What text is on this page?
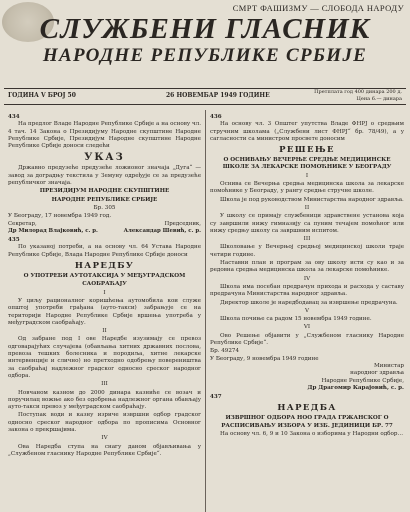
СМРТ ФАШИЗМУ — СЛОБОДА НАРОДУ
СЛУЖБЕНИ ГЛАСНИК
НАРОДНЕ РЕПУБЛИКЕ СРБИЈЕ
ГОДИНА V БРОЈ 50	26 НОВЕМБАР 1949 ГОДИНЕ	Претплата год 400 динара 200 д.
Цена 6.— динара
434
На предлог Владе Народне Републике Србије а на основу чл. 4 тач. 14 Закона о Президијуму Народне скупштине Народне Републике Србије, Президијум Народне скупштине Народне Републике Србије доноси следећи
УКАЗ
Државно предузеће предузеће ложионог значаја „Дуга“ — завод за доградњу текстила у Земуну одређује се за предузеће републичког значаја.
ПРЕЗИДИЈУМ НАРОДНЕ СКУПШТИНЕ
НАРОДНЕ РЕПУБЛИКЕ СРБИЈЕ
Бр. 305
У Београду, 17 новембра 1949 год.
Секретар,	Председник,
Др Милорад Влајковић, с. р.	Александар Шевић, с. р.
435
По указаној потреби, а на основу чл. 64 Устава Народне Републике Србије, Влада Народне Републике Србије доноси
НАРЕДБУ
О УПОТРЕБИ АУТОТАКСИЈА У МЕЂУГРАДСКОМ
САОБРАЋАЈУ
I
У циљу рационалног коришћења аутомобила кои служе општој употреби грађана (ауто-такси) забрањује се на територији Народне Републике Србије вршења употреба у међуградском саобраћају.
II
Од забране под I ове Наредбе изузимају се превоз одговарајућих случајева (обављања хитних државних послова, превоза тешких болесника и породиља, хитне лекарске интервенције и слично) но претходно одобрењу повереништва за саобраћај надлежног градског односно среског народног одбора.
III
Новчаном казном до 2000 динара казниће се возач и поручилац вожње ако без одобрења надлежног органа обављају ауто-такси превоз у међуградском саобраћају.
Поступак води и казну изриче извршни одбор градског односно среског народног одбора по прописима Основног закона о прекршајима.
IV
Ова Наредба ступа на снагу даном објављивања у „Службеном гласнику Народне Републике Србије“.
436
На основу чл. 3 Општег упутства Владе ФНРЈ о средњим стручним школама („Службени лист ФНРЈ“ бр. 78/49), а у сагласности са министром просвете доносим
РЕШЕЊЕ
О ОСНИВАЊУ ВЕЧЕРЊЕ СРЕДЊЕ МЕДИЦИНСКЕ ШКОЛЕ ЗА ЛЕКАРСКЕ ПОМОЋНИКЕ У БЕОГРАДУ
I
Оснива се Вечерња средња медицинска школа за лекарске помоћнике у Београду, у рангу средње стручне школе.
Школа је под руководством Министарства народног здравља.
II
У школу се примају службеници здравствене установа која су завршили нижу гимназију са пуним течајем помоћног или нижу средњу школу са завршним испитом.
III
Школовање у Вечерњој средњој медицинској школи траје четири године.
Наставни план и програм за ову школу исти су као и за редовна средња медицинска школа за лекарске помоћнике.
IV
Школа има посебан предрачун прихода и расхода у саставу предрачуна Министарства народног здравља.
Директор школе је наредбодавац за извршење предрачуна.
V
Школа почиње са радом 15 новембра 1949 године.
VI
Ово Решење објавити у „Службеном гласнику Народне Републике Србије“.
Бр. 49274
У Београду, 9 новембра 1949 године
Министар
народног здравља
Народне Републике Србије,
Др Драгомир Карајовић, с. р.
437
НАРЕДБА
ИЗВРШНОГ ОДБОРА НОО ГРАДА ГРЖАНСКОГ О РАСПИСИВАЊУ ИЗБОРА У ИЗБ. ЈЕДИНИЦИ БР. 77
На основу чл. 6, 9 и 10 Закона о изборима у Народни одбор…
